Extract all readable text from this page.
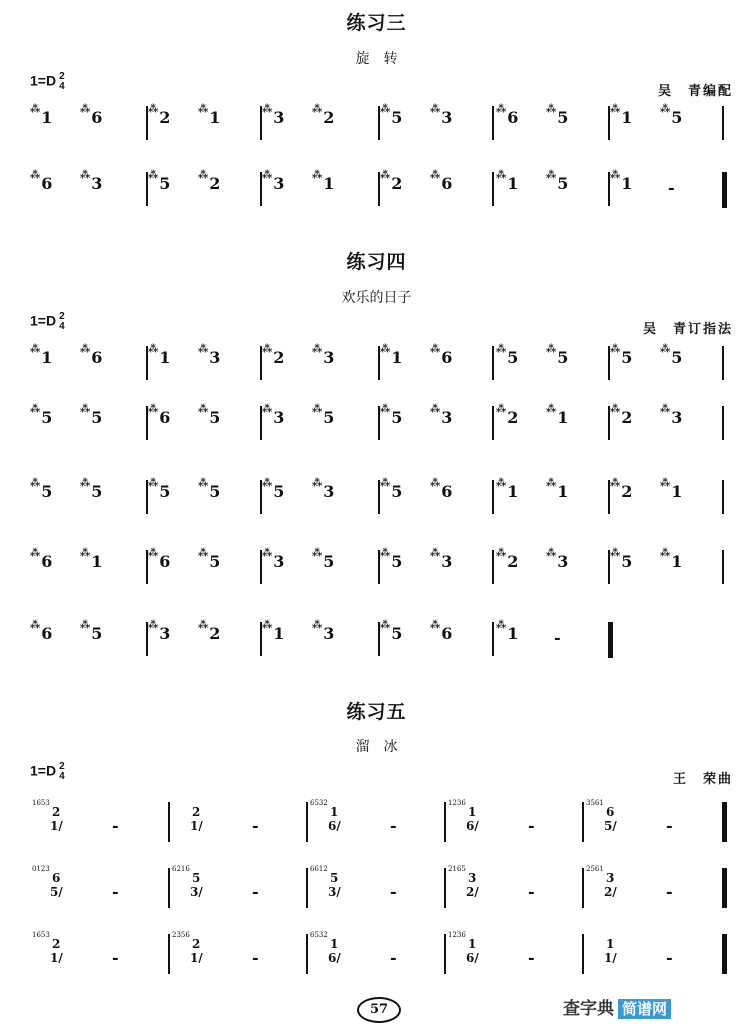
练习三
旋　转
1=D 2
4	吴　青编配
⁂1	⁂6	⁂2	⁂1	⁂3	⁂2	⁂5	⁂3	⁂6	⁂5	⁂1	⁂5
⁂6	⁂3	⁂5	⁂2	⁂3	⁂1	⁂2	⁂6	⁂1	⁂5	⁂1 -
练习四
欢乐的日子
1=D 2
4	吴　青订指法
⁂1	⁂6	⁂1	⁂3	⁂2	⁂3	⁂1	⁂6	⁂5	⁂5	⁂5	⁂5
⁂5	⁂5	⁂6	⁂5	⁂3	⁂5	⁂5	⁂3	⁂2	⁂1	⁂2	⁂3
⁂5	⁂5	⁂5	⁂5	⁂5	⁂3	⁂5	⁂6	⁂1	⁂1	⁂2	⁂1
⁂6	⁂1	⁂6	⁂5	⁂3	⁂5	⁂5	⁂3	⁂2	⁂3	⁂5	⁂1
⁂6	⁂5	⁂3	⁂2	⁂1	⁂3	⁂5	⁂6	⁂1 -
练习五
溜　冰
1=D 2
4	王　荣曲
1653
2
1/	-
2
1/	-
6532
1
6/	-
1236
1
6/	-
3561
6
5/	-
0123
6
5/	-
6216
5
3/	-
6612
5
3/	-
2165
3
2/	-
2561
3
2/	-
1653
2
1/	-
2356
2
1/	-
6532
1
6/	-
1236
1
6/	-
1
1/	-
57	查字典 简谱网
